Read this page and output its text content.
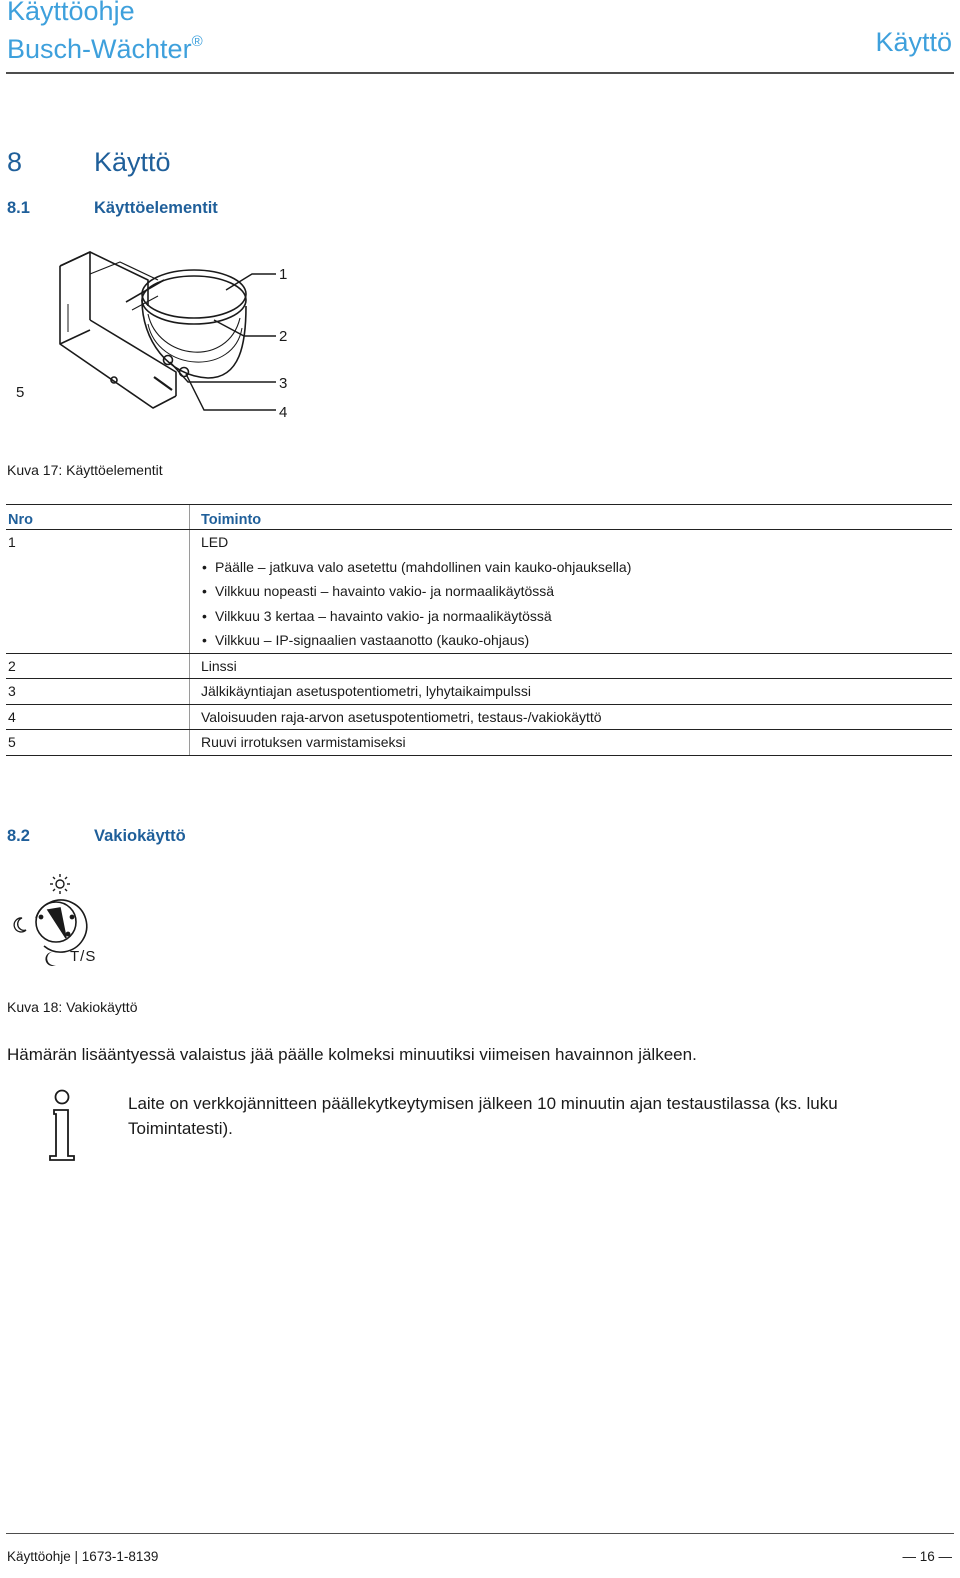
Käyttöohje
Busch-Wächter®	Käyttö
8	Käyttö
8.1	Käyttöelementit
1
2
3
4
5
Kuva 17: Käyttöelementit
Nro	Toiminto
1	LED
• Päälle – jatkuva valo asetettu (mahdollinen vain kauko-ohjauksella)
• Vilkkuu nopeasti – havainto vakio- ja normaalikäytössä
• Vilkkuu 3 kertaa – havainto vakio- ja normaalikäytössä
• Vilkkuu – IP-signaalien vastaanotto (kauko-ohjaus)
2	Linssi
3	Jälkikäyntiajan asetuspotentiometri, lyhytaikaimpulssi
4	Valoisuuden raja-arvon asetuspotentiometri, testaus-/vakiokäyttö
5	Ruuvi irrotuksen varmistamiseksi
8.2	Vakiokäyttö
T/S
Kuva 18: Vakiokäyttö
Hämärän lisääntyessä valaistus jää päälle kolmeksi minuutiksi viimeisen havainnon jälkeen.
Laite on verkkojännitteen päällekytkeytymisen jälkeen 10 minuutin ajan testaustilassa (ks. luku Toimintatesti).
Käyttöohje | 1673-1-8139	— 16 —
